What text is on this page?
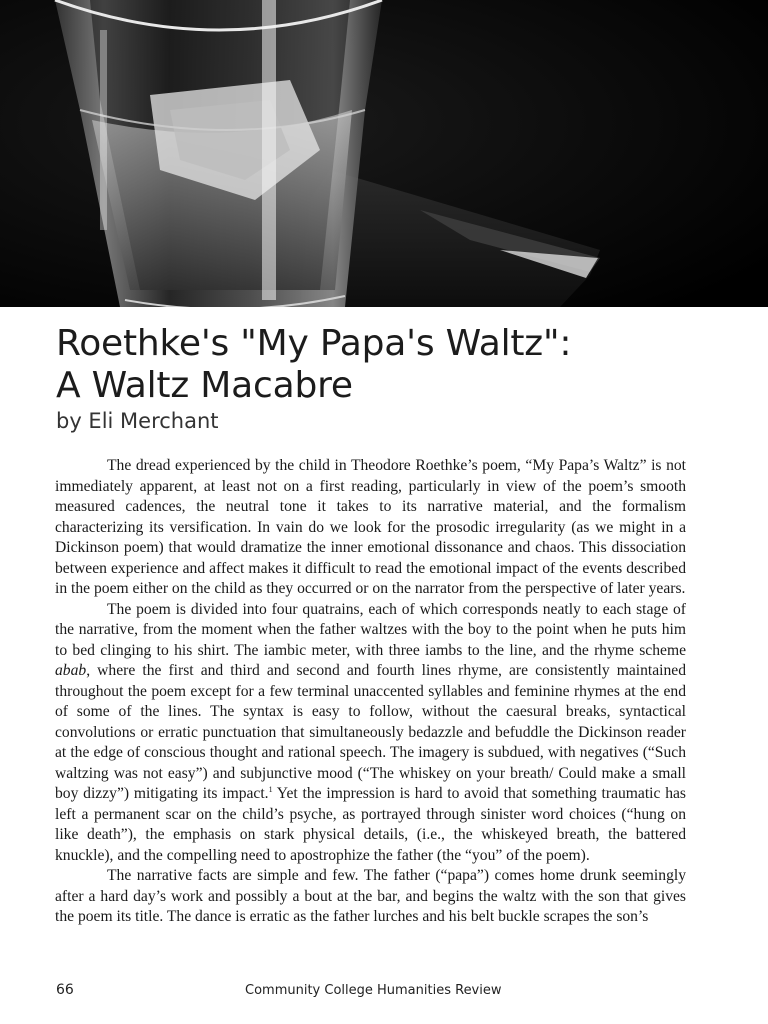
Roethke's "My Papa's Waltz":
A Waltz Macabre
by Eli Merchant

The dread experienced by the child in Theodore Roethke’s poem, “My Papa’s Waltz” is not immediately apparent, at least not on a first reading, particularly in view of the poem’s smooth measured cadences, the neutral tone it takes to its narrative material, and the formalism characterizing its versification. In vain do we look for the prosodic irregularity (as we might in a Dickinson poem) that would dramatize the inner emotional dissonance and chaos. This dissociation between experience and affect makes it difficult to read the emotional impact of the events described in the poem either on the child as they occurred or on the narrator from the perspective of later years.

The poem is divided into four quatrains, each of which corresponds neatly to each stage of the narrative, from the moment when the father waltzes with the boy to the point when he puts him to bed clinging to his shirt. The iambic meter, with three iambs to the line, and the rhyme scheme abab, where the first and third and second and fourth lines rhyme, are consistently maintained throughout the poem except for a few terminal unaccented syllables and feminine rhymes at the end of some of the lines. The syntax is easy to follow, without the caesural breaks, syntactical convolutions or erratic punctuation that simultaneously bedazzle and befuddle the Dickinson reader at the edge of conscious thought and rational speech. The imagery is subdued, with negatives (“Such waltzing was not easy”) and subjunctive mood (“The whiskey on your breath/ Could make a small boy dizzy”) mitigating its impact.$^1$ Yet the impression is hard to avoid that something traumatic has left a permanent scar on the child’s psyche, as portrayed through sinister word choices (“hung on like death”), the emphasis on stark physical details, (i.e., the whiskeyed breath, the battered knuckle), and the compelling need to apostrophize the father (the “you” of the poem).

The narrative facts are simple and few. The father (“papa”) comes home drunk seemingly after a hard day’s work and possibly a bout at the bar, and begins the waltz with the son that gives the poem its title. The dance is erratic as the father lurches and his belt buckle scrapes the son’s

66	Community College Humanities Review
